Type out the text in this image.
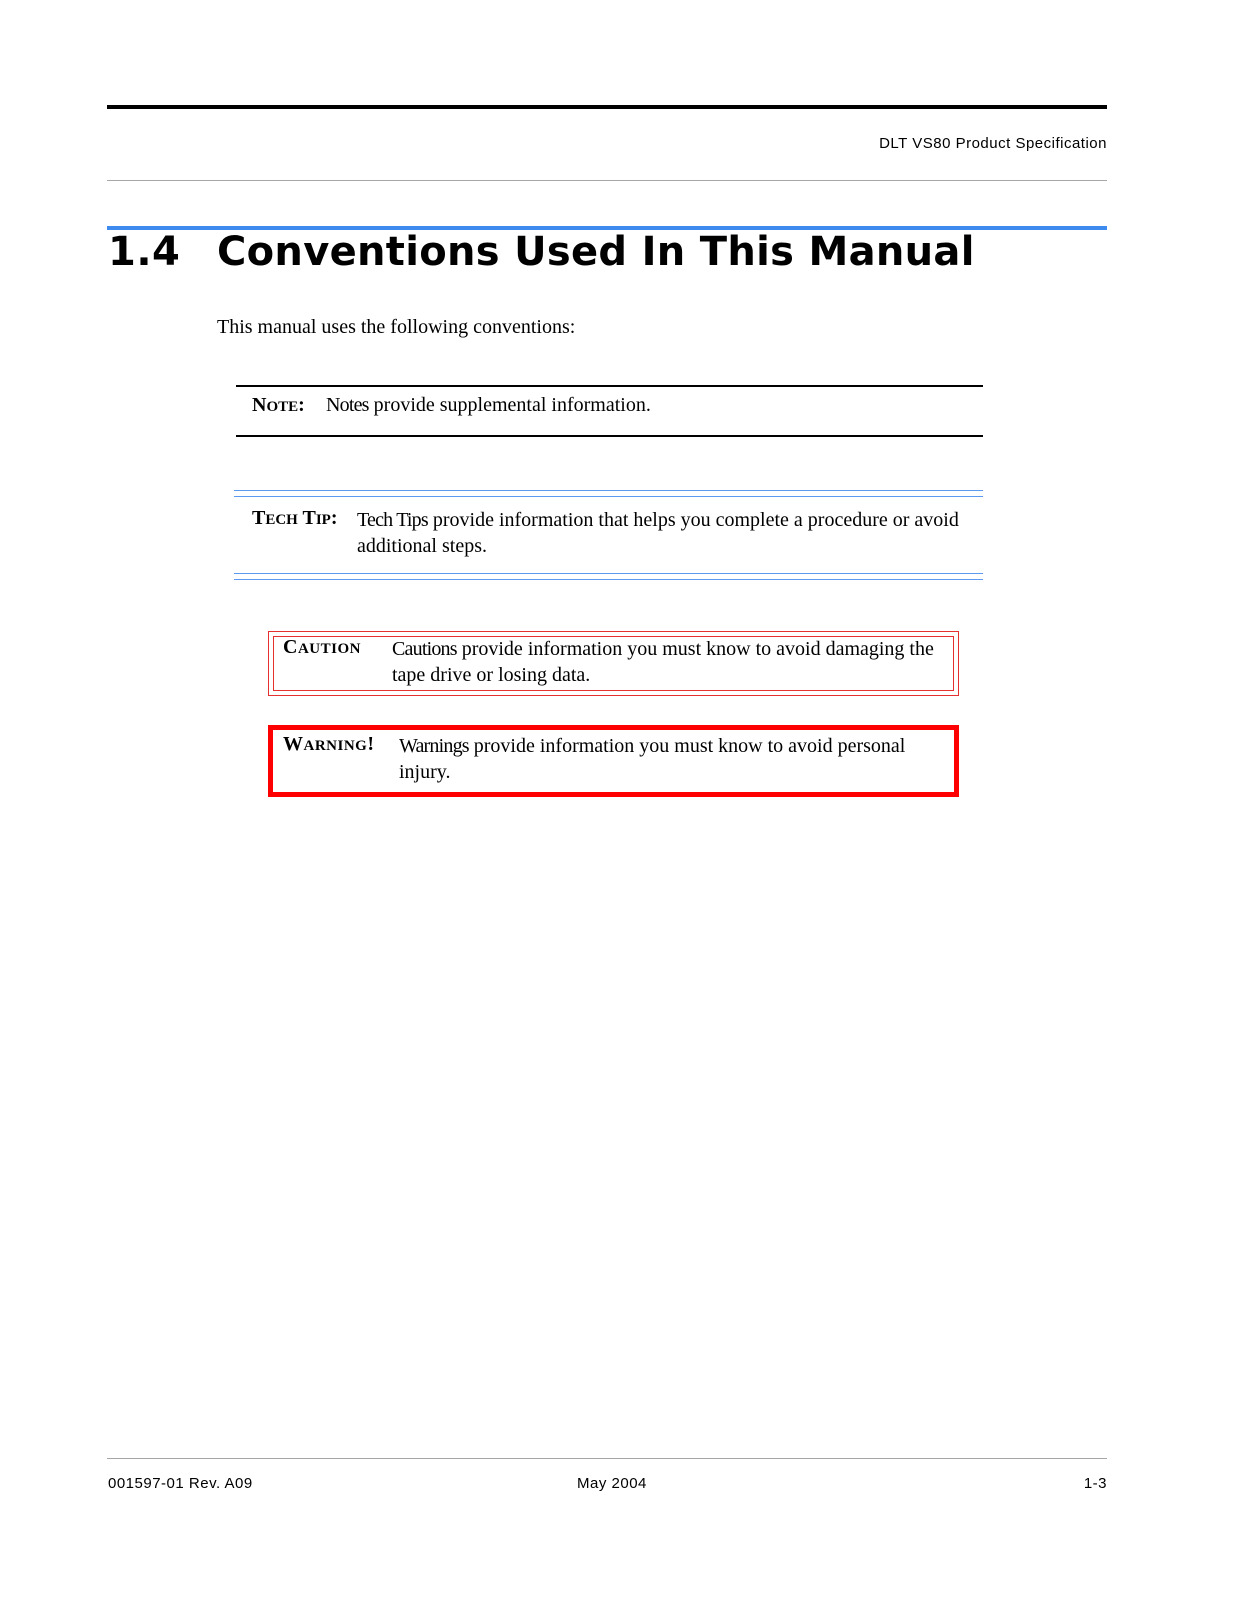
DLT VS80 Product Specification
1.4 Conventions Used In This Manual
This manual uses the following conventions:
NOTE: Notes provide supplemental information.
TECH TIP: Tech Tips provide information that helps you complete a procedure or avoid additional steps.
CAUTION Cautions provide information you must know to avoid damaging the tape drive or losing data.
WARNING! Warnings provide information you must know to avoid personal injury.
001597-01 Rev. A09	May 2004	1-3
